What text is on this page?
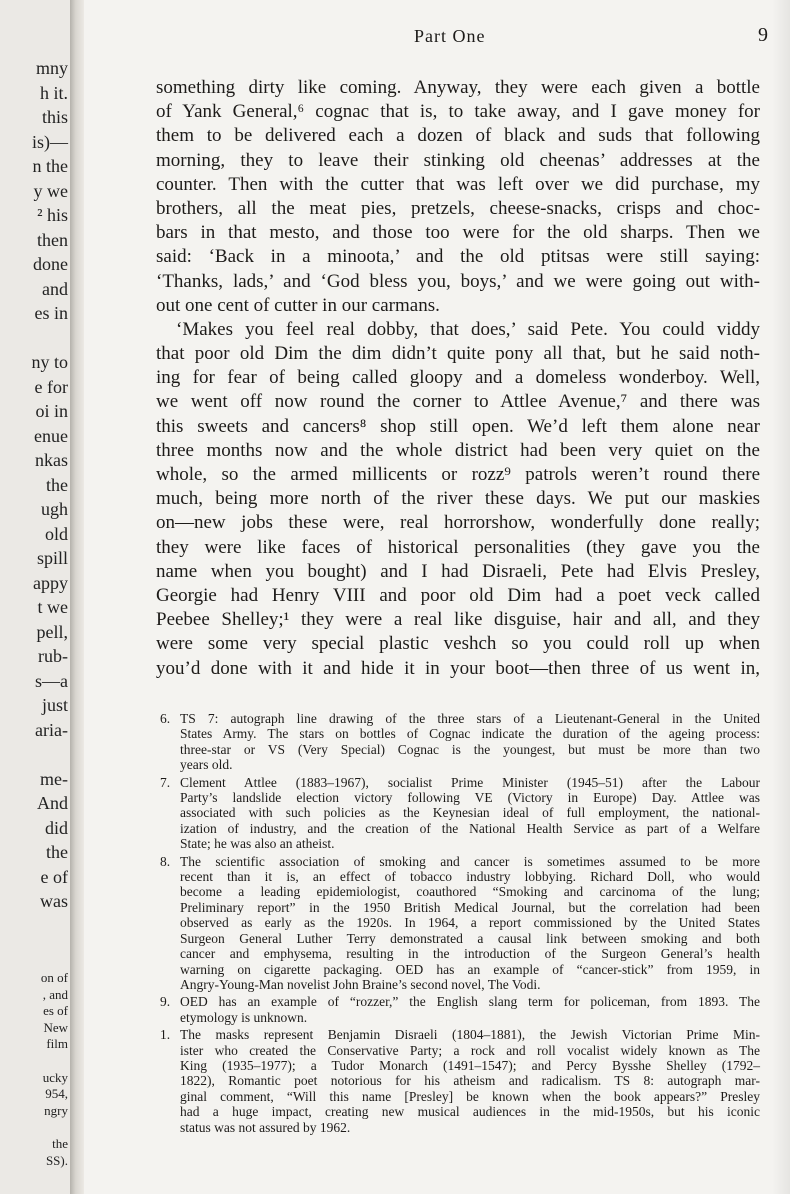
mny
h it.
this
is)—
n the
y we
² his
then
done
and
es in
ny to
e for
oi in
enue
nkas
the
ugh
old
spill
appy
t we
pell,
rub-
s—a
just
aria-
me-
And
did
the
e of
was
on of
, and
es of
New
film
ucky
954,
ngry
the
SS).
Part One	9
something dirty like coming. Anyway, they were each given a bottle
of Yank General,⁶ cognac that is, to take away, and I gave money for
them to be delivered each a dozen of black and suds that following
morning, they to leave their stinking old cheenas’ addresses at the
counter. Then with the cutter that was left over we did purchase, my
brothers, all the meat pies, pretzels, cheese-snacks, crisps and choc-
bars in that mesto, and those too were for the old sharps. Then we
said: ‘Back in a minoota,’ and the old ptitsas were still saying:
‘Thanks, lads,’ and ‘God bless you, boys,’ and we were going out with-
out one cent of cutter in our carmans.
‘Makes you feel real dobby, that does,’ said Pete. You could viddy
that poor old Dim the dim didn’t quite pony all that, but he said noth-
ing for fear of being called gloopy and a domeless wonderboy. Well,
we went off now round the corner to Attlee Avenue,⁷ and there was
this sweets and cancers⁸ shop still open. We’d left them alone near
three months now and the whole district had been very quiet on the
whole, so the armed millicents or rozz⁹ patrols weren’t round there
much, being more north of the river these days. We put our maskies
on—new jobs these were, real horrorshow, wonderfully done really;
they were like faces of historical personalities (they gave you the
name when you bought) and I had Disraeli, Pete had Elvis Presley,
Georgie had Henry VIII and poor old Dim had a poet veck called
Peebee Shelley;¹ they were a real like disguise, hair and all, and they
were some very special plastic veshch so you could roll up when
you’d done with it and hide it in your boot—then three of us went in,
6. TS 7: autograph line drawing of the three stars of a Lieutenant-General in the United
States Army. The stars on bottles of Cognac indicate the duration of the ageing process:
three-star or VS (Very Special) Cognac is the youngest, but must be more than two
years old.
7. Clement Attlee (1883–1967), socialist Prime Minister (1945–51) after the Labour
Party’s landslide election victory following VE (Victory in Europe) Day. Attlee was
associated with such policies as the Keynesian ideal of full employment, the national-
ization of industry, and the creation of the National Health Service as part of a Welfare
State; he was also an atheist.
8. The scientific association of smoking and cancer is sometimes assumed to be more
recent than it is, an effect of tobacco industry lobbying. Richard Doll, who would
become a leading epidemiologist, coauthored “Smoking and carcinoma of the lung;
Preliminary report” in the 1950 British Medical Journal, but the correlation had been
observed as early as the 1920s. In 1964, a report commissioned by the United States
Surgeon General Luther Terry demonstrated a causal link between smoking and both
cancer and emphysema, resulting in the introduction of the Surgeon General’s health
warning on cigarette packaging. OED has an example of “cancer-stick” from 1959, in
Angry-Young-Man novelist John Braine’s second novel, The Vodi.
9. OED has an example of “rozzer,” the English slang term for policeman, from 1893. The
etymology is unknown.
1. The masks represent Benjamin Disraeli (1804–1881), the Jewish Victorian Prime Min-
ister who created the Conservative Party; a rock and roll vocalist widely known as The
King (1935–1977); a Tudor Monarch (1491–1547); and Percy Bysshe Shelley (1792–
1822), Romantic poet notorious for his atheism and radicalism. TS 8: autograph mar-
ginal comment, “Will this name [Presley] be known when the book appears?” Presley
had a huge impact, creating new musical audiences in the mid-1950s, but his iconic
status was not assured by 1962.
